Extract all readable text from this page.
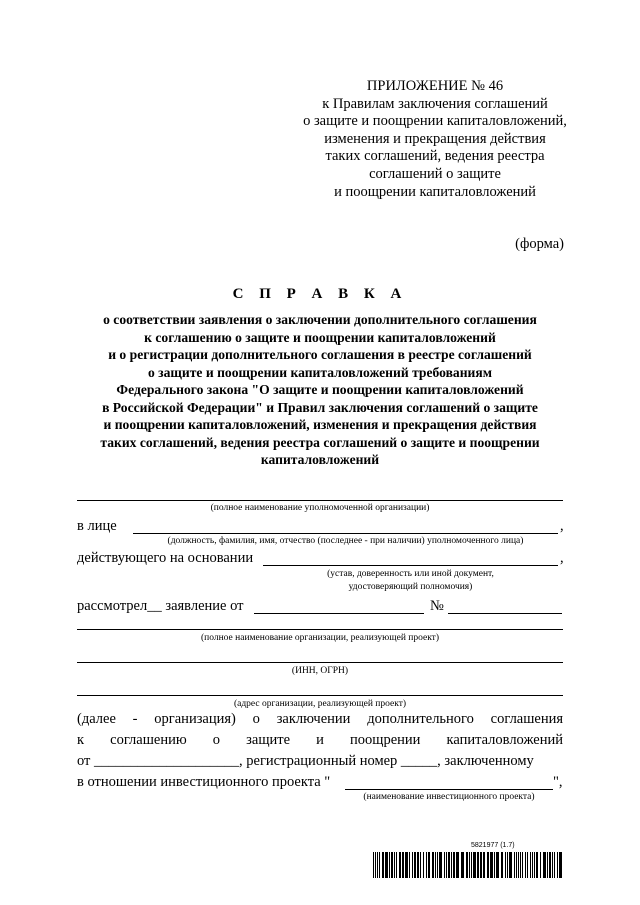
ПРИЛОЖЕНИЕ № 46
к Правилам заключения соглашений
о защите и поощрении капиталовложений,
изменения и прекращения действия
таких соглашений, ведения реестра
соглашений о защите
и поощрении капиталовложений
(форма)
С П Р А В К А
о соответствии заявления о заключении дополнительного соглашения
к соглашению о защите и поощрении капиталовложений
и о регистрации дополнительного соглашения в реестре соглашений
о защите и поощрении капиталовложений требованиям
Федерального закона "О защите и поощрении капиталовложений
в Российской Федерации" и Правил заключения соглашений о защите
и поощрении капиталовложений, изменения и прекращения действия
таких соглашений, ведения реестра соглашений о защите и поощрении
капиталовложений
(полное наименование уполномоченной организации)
в лице	,
(должность, фамилия, имя, отчество (последнее - при наличии) уполномоченного лица)
действующего на основании	,
(устав, доверенность или иной документ,
удостоверяющий полномочия)
рассмотрел__ заявление от	№
(полное наименование организации, реализующей проект)
(ИНН, ОГРН)
(адрес организации, реализующей проект)
(далее - организация) о заключении дополнительного соглашения
к соглашению о защите и поощрении капиталовложений
от ____________________, регистрационный номер _____, заключенному
в отношении инвестиционного проекта "	",
(наименование инвестиционного проекта)
5821977 (1.7)
